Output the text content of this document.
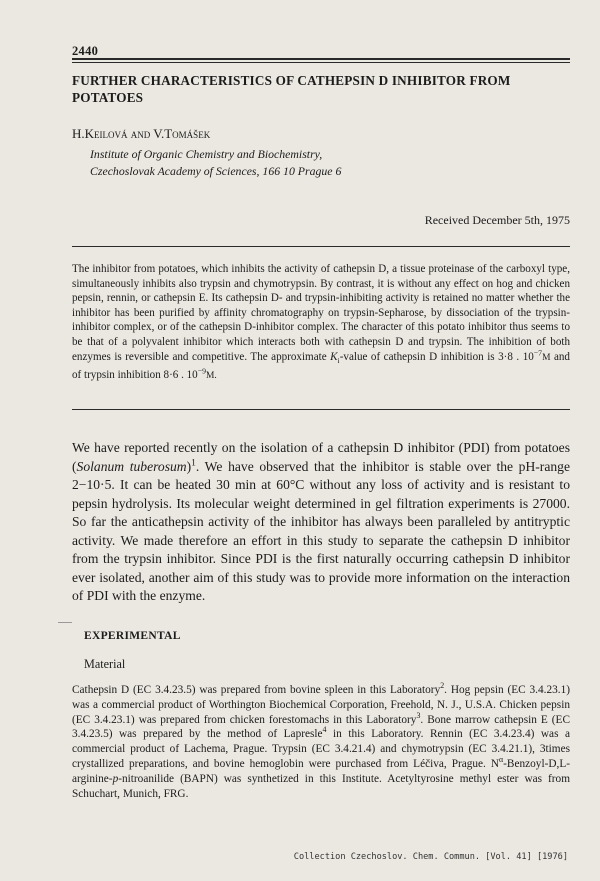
2440
FURTHER CHARACTERISTICS OF CATHEPSIN D INHIBITOR FROM POTATOES
H.Keilová and V.Tomášek
Institute of Organic Chemistry and Biochemistry,
Czechoslovak Academy of Sciences, 166 10 Prague 6
Received December 5th, 1975
The inhibitor from potatoes, which inhibits the activity of cathepsin D, a tissue proteinase of the carboxyl type, simultaneously inhibits also trypsin and chymotrypsin. By contrast, it is without any effect on hog and chicken pepsin, rennin, or cathepsin E. Its cathepsin D- and trypsin-inhibiting activity is retained no matter whether the inhibitor has been purified by affinity chromatography on trypsin-Sepharose, by dissociation of the trypsin-inhibitor complex, or of the cathepsin D-inhibitor complex. The character of this potato inhibitor thus seems to be that of a polyvalent inhibitor which interacts both with cathepsin D and trypsin. The inhibition of both enzymes is reversible and competitive. The approximate $K_i$-value of cathepsin D inhibition is 3·8 . $10^{-7}M$ and of trypsin inhibition 8·6 . $10^{-9}M$.
We have reported recently on the isolation of a cathepsin D inhibitor (PDI) from potatoes (Solanum tuberosum)$^1$. We have observed that the inhibitor is stable over the pH-range 2−10·5. It can be heated 30 min at 60°C without any loss of activity and is resistant to pepsin hydrolysis. Its molecular weight determined in gel filtration experiments is 27000. So far the anticathepsin activity of the inhibitor has always been paralleled by antitryptic activity. We made therefore an effort in this study to separate the cathepsin D inhibitor from the trypsin inhibitor. Since PDI is the first naturally occurring cathepsin D inhibitor ever isolated, another aim of this study was to provide more information on the interaction of PDI with the enzyme.
EXPERIMENTAL
Material
Cathepsin D (EC 3.4.23.5) was prepared from bovine spleen in this Laboratory$^2$. Hog pepsin (EC 3.4.23.1) was a commercial product of Worthington Biochemical Corporation, Freehold, N. J., U.S.A. Chicken pepsin (EC 3.4.23.1) was prepared from chicken forestomachs in this Laboratory$^3$. Bone marrow cathepsin E (EC 3.4.23.5) was prepared by the method of Lapresle$^4$ in this Laboratory. Rennin (EC 3.4.23.4) was a commercial product of Lachema, Prague. Trypsin (EC 3.4.21.4) and chymotrypsin (EC 3.4.21.1), 3times crystallized preparations, and bovine hemoglobin were purchased from Léčiva, Prague. $N^\alpha-Benzoyl-D,L-arginine-p$-nitroanilide (BAPN) was synthetized in this Institute. Acetyltyrosine methyl ester was from Schuchart, Munich, FRG.
Collection Czechoslov. Chem. Commun. [Vol. 41] [1976]
